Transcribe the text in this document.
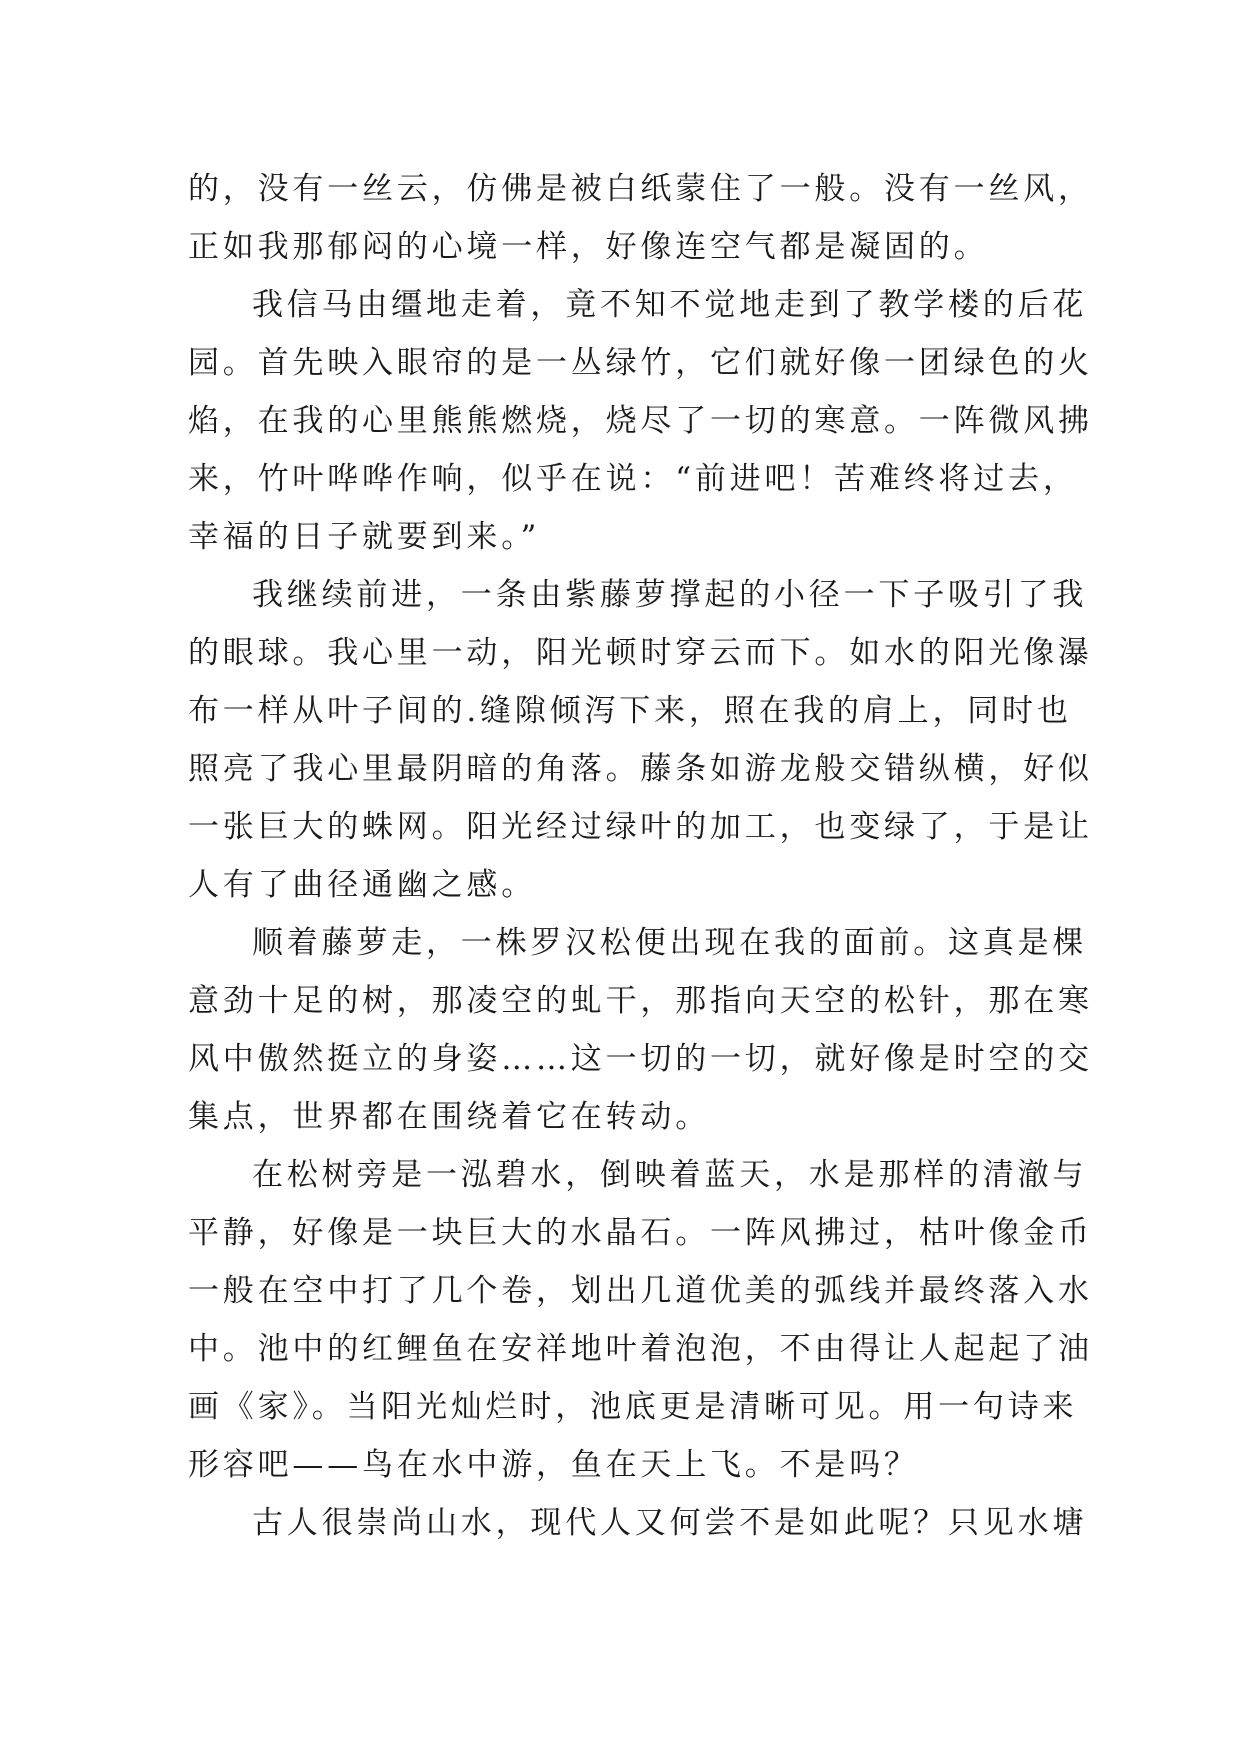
的，没有一丝云，仿佛是被白纸蒙住了一般。没有一丝风，
正如我那郁闷的心境一样，好像连空气都是凝固的。
我信马由缰地走着，竟不知不觉地走到了教学楼的后花
园。首先映入眼帘的是一丛绿竹，它们就好像一团绿色的火
焰，在我的心里熊熊燃烧，烧尽了一切的寒意。一阵微风拂
来，竹叶哗哗作响，似乎在说：“前进吧！苦难终将过去，
幸福的日子就要到来。”
我继续前进，一条由紫藤萝撑起的小径一下子吸引了我
的眼球。我心里一动，阳光顿时穿云而下。如水的阳光像瀑
布一样从叶子间的.缝隙倾泻下来，照在我的肩上，同时也
照亮了我心里最阴暗的角落。藤条如游龙般交错纵横，好似
一张巨大的蛛网。阳光经过绿叶的加工，也变绿了，于是让
人有了曲径通幽之感。
顺着藤萝走，一株罗汉松便出现在我的面前。这真是棵
意劲十足的树，那凌空的虬干，那指向天空的松针，那在寒
风中傲然挺立的身姿……这一切的一切，就好像是时空的交
集点，世界都在围绕着它在转动。
在松树旁是一泓碧水，倒映着蓝天，水是那样的清澈与
平静，好像是一块巨大的水晶石。一阵风拂过，枯叶像金币
一般在空中打了几个卷，划出几道优美的弧线并最终落入水
中。池中的红鲤鱼在安祥地叶着泡泡，不由得让人起起了油
画《家》。当阳光灿烂时，池底更是清晰可见。用一句诗来
形容吧——鸟在水中游，鱼在天上飞。不是吗？
古人很崇尚山水，现代人又何尝不是如此呢？只见水塘
